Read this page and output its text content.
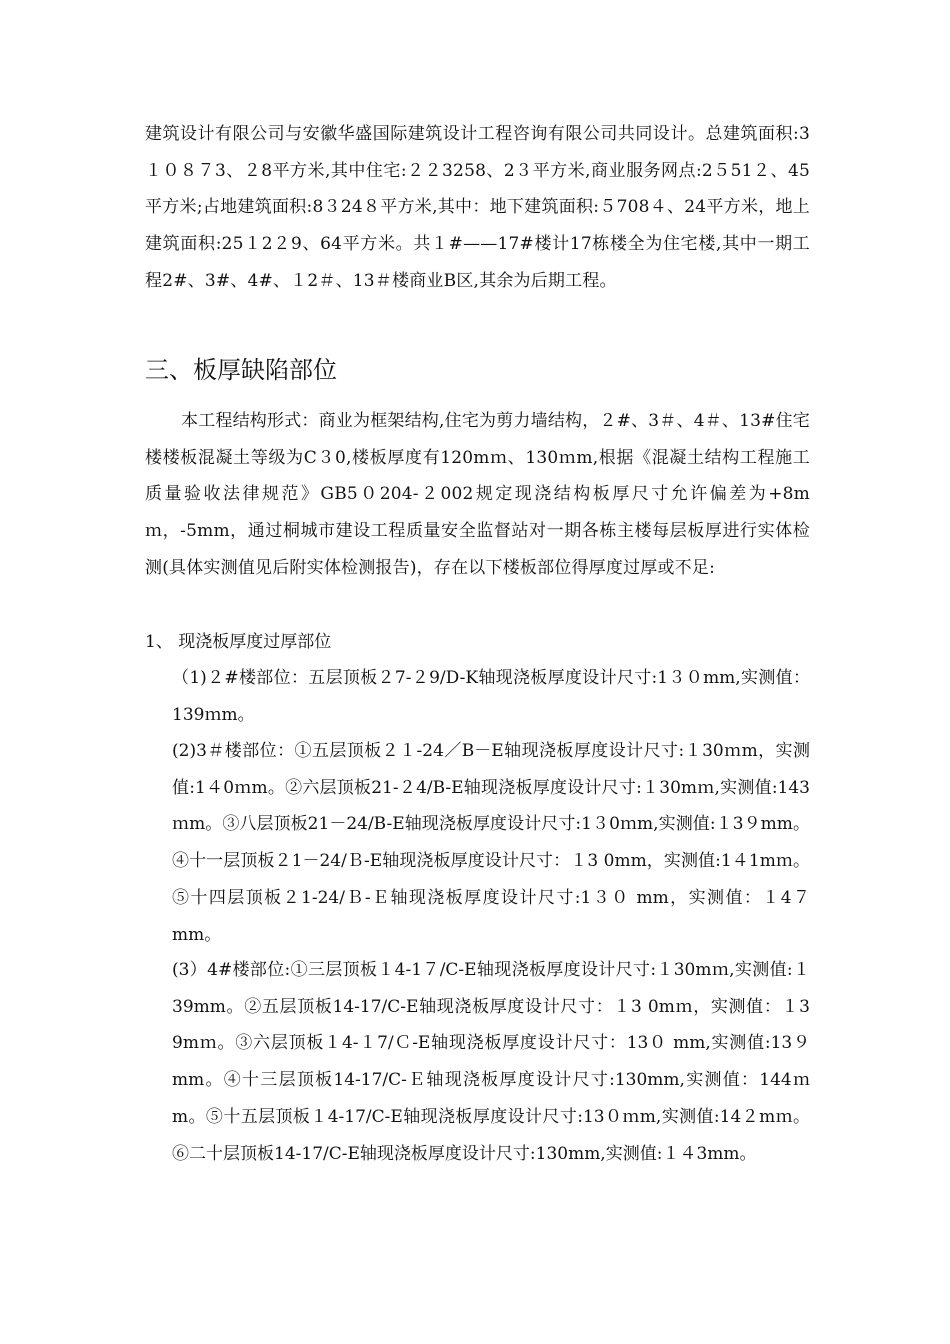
建筑设计有限公司与安徽华盛国际建筑设计工程咨询有限公司共同设计。总建筑面积:3１０８７3、２8平方米,其中住宅:２２3258、2３平方米,商业服务网点:2５51２、45平方米;占地建筑面积:8３24８平方米,其中：地下建筑面积:５708４、24平方米，地上建筑面积:25１2２9、64平方米。共１#——17#楼计17栋楼全为住宅楼,其中一期工程2#、3#、4#、１2＃、13＃楼商业B区,其余为后期工程。

三、板厚缺陷部位

本工程结构形式：商业为框架结构,住宅为剪力墙结构，２#、3＃、4＃、13#住宅楼楼板混凝土等级为C３0,楼板厚度有120mｍ、130ｍm,根据《混凝土结构工程施工质量验收法律规范》GB5０204-２002规定现浇结构板厚尺寸允许偏差为+8mｍ，-5mm，通过桐城市建设工程质量安全监督站对一期各栋主楼每层板厚进行实体检测(具体实测值见后附实体检测报告)，存在以下楼板部位得厚度过厚或不足:

1、 现浇板厚度过厚部位

（1)２#楼部位：五层顶板２7-２9/D-K轴现浇板厚度设计尺寸:1３０mm,实测值：139ｍm。

(2)3＃楼部位：①五层顶板２１-24／B－E轴现浇板厚度设计尺寸:１30ｍm，实测值:1４0ｍm。②六层顶板21-２4/B-E轴现浇板厚度设计尺寸:１30mｍ,实测值:143ｍm。③八层顶板21－24/B-E轴现浇板厚度设计尺寸:1３0ｍm,实测值:１3９mm。④十一层顶板２1－24/Ｂ-E轴现浇板厚度设计尺寸：１3 0mm，实测值:1４1mｍ。⑤十四层顶板２1-24/Ｂ-Ｅ轴现浇板厚度设计尺寸:1３０ mm，实测值：１4７ mm。

(3）4#楼部位:①三层顶板１4-1７/C-E轴现浇板厚度设计尺寸:１30mｍ,实测值:１39mm。②五层顶板14-17/C-E轴现浇板厚度设计尺寸：１3 0mｍ，实测值：１3 9mｍ。③六层顶板１4-１7/Ｃ-E轴现浇板厚度设计尺寸：13０ mm,实测值:13９ mm。④十三层顶板14-17/C-Ｅ轴现浇板厚度设计尺寸:130mm,实测值：144ｍm。⑤十五层顶板１4-17/C-E轴现浇板厚度设计尺寸:13０ｍm,实测值:14２mｍ。⑥二十层顶板14-17/C-E轴现浇板厚度设计尺寸:130mm,实测值:１４3mm。
